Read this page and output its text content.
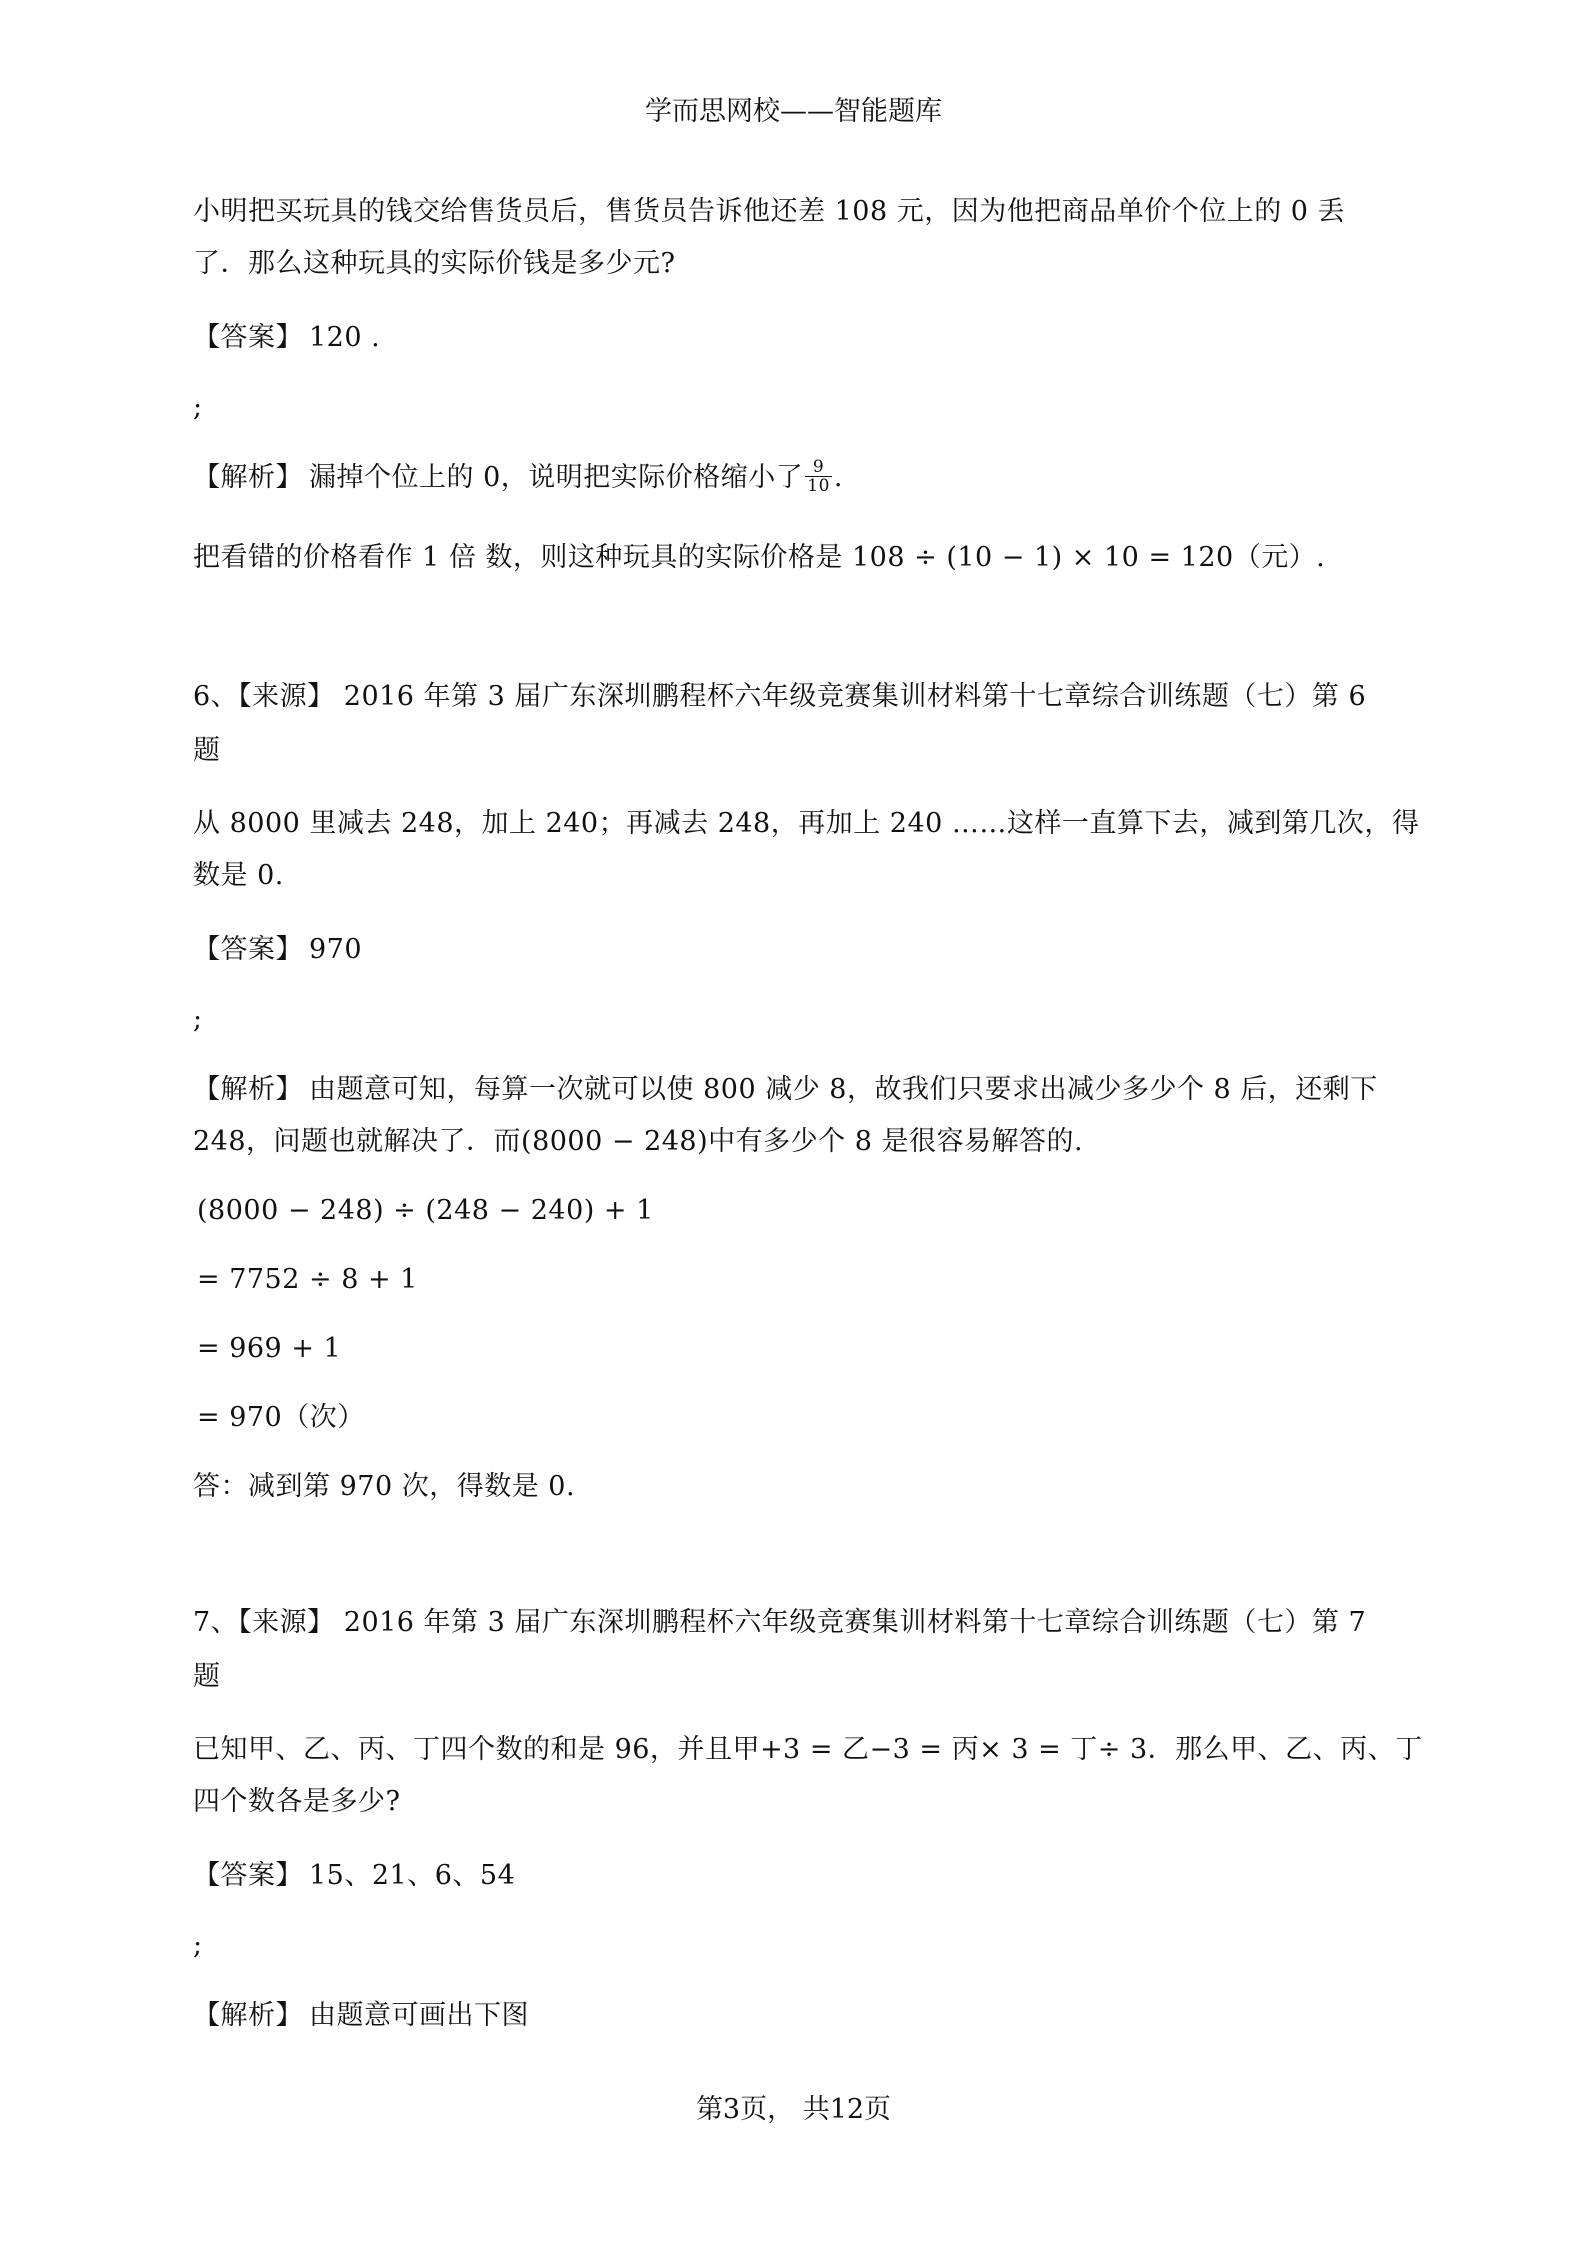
学而思网校——智能题库

小明把买玩具的钱交给售货员后，售货员告诉他还差 108 元，因为他把商品单价个位上的 0 丢

了．那么这种玩具的实际价钱是多少元?

【答案】 120 .

;

【解析】 漏掉个位上的 0，说明把实际价格缩小了 $\frac{9}{10}$ .

把看错的价格看作 1 倍 数，则这种玩具的实际价格是 108 ÷ (10 − 1) × 10 = 120（元）.

6、【来源】 2016 年第 3 届广东深圳鹏程杯六年级竞赛集训材料第十七章综合训练题（七）第 6

题

从 8000 里减去 248，加上 240；再减去 248，再加上 240 ……这样一直算下去，减到第几次，得

数是 0.

【答案】 970

;

【解析】 由题意可知，每算一次就可以使 800 减少 8，故我们只要求出减少多少个 8 后，还剩下

248，问题也就解决了．而(8000 − 248)中有多少个 8 是很容易解答的.

(8000 − 248) ÷ (248 − 240) + 1

= 7752 ÷ 8 + 1

= 969 + 1

= 970（次）

答：减到第 970 次，得数是 0.

7、【来源】 2016 年第 3 届广东深圳鹏程杯六年级竞赛集训材料第十七章综合训练题（七）第 7

题

已知甲、乙、丙、丁四个数的和是 96，并且甲+3 = 乙−3 = 丙× 3 = 丁÷ 3．那么甲、乙、丙、丁

四个数各是多少?

【答案】 15、21、6、54

;

【解析】 由题意可画出下图

第3页， 共12页
